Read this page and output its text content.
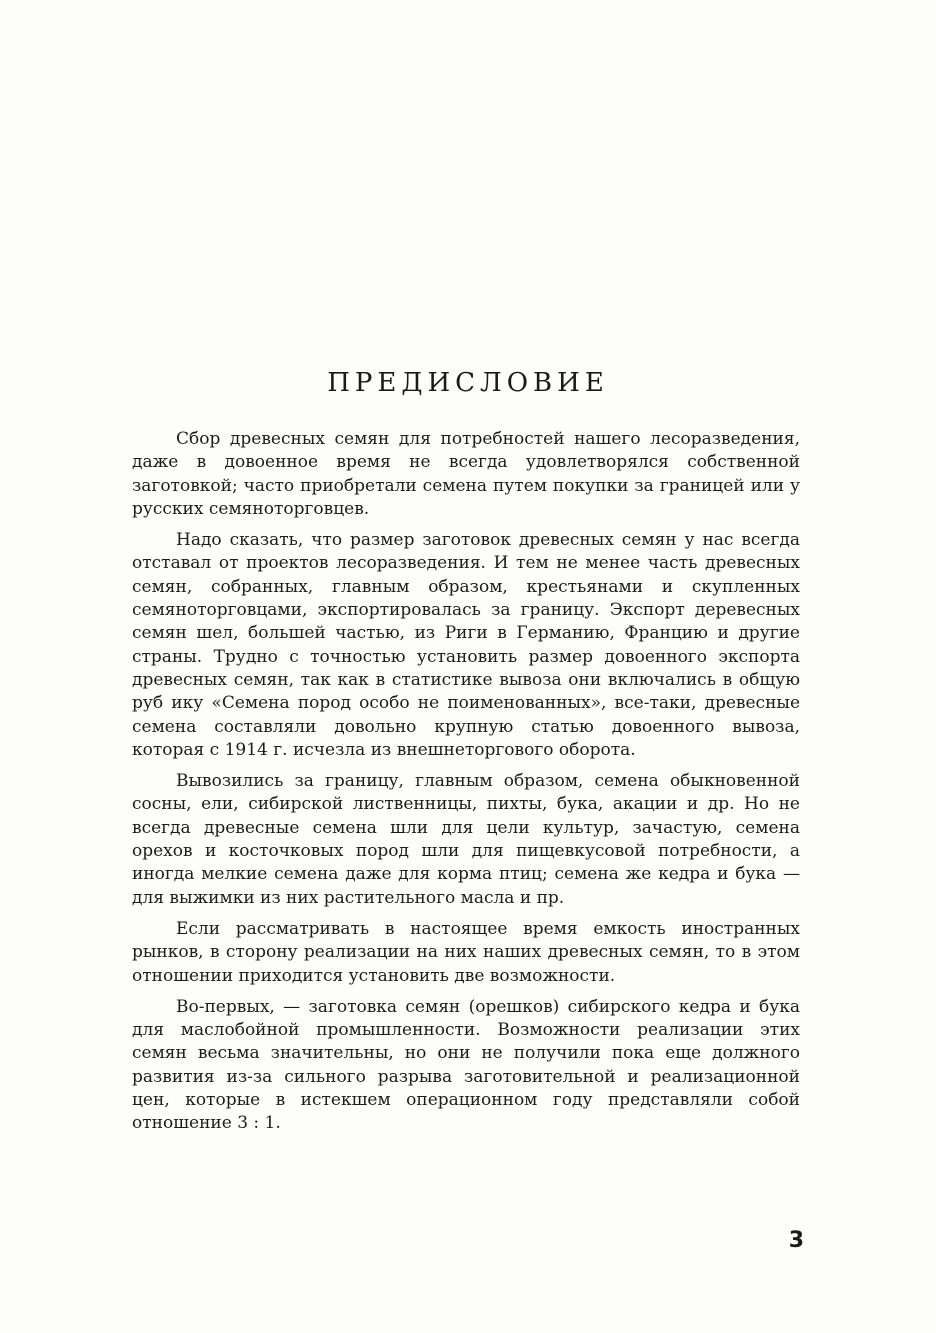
ПРЕДИСЛОВИЕ

Сбор древесных семян для потребностей нашего лесоразведения, даже в довоенное время не всегда удовлетворялся собственной заготовкой; часто приобретали семена путем покупки за границей или у русских семяноторговцев.

Надо сказать, что размер заготовок древесных семян у нас всегда отставал от проектов лесоразведения. И тем не менее часть древесных семян, собранных, главным образом, крестьянами и скупленных семяноторговцами, экспортировалась за границу. Экспорт деревесных семян шел, большей частью, из Риги в Германию, Францию и другие страны. Трудно с точностью установить размер довоенного экспорта древесных семян, так как в статистике вывоза они включались в общую руб ику «Семена пород особо не поименованных», все-таки, древесные семена составляли довольно крупную статью довоенного вывоза, которая с 1914 г. исчезла из внешнеторгового оборота.

Вывозились за границу, главным образом, семена обыкновенной сосны, ели, сибирской лиственницы, пихты, бука, акации и др. Но не всегда древесные семена шли для цели культур, зачастую, семена орехов и косточковых пород шли для пищевкусовой потребности, а иногда мелкие семена даже для корма птиц; семена же кедра и бука — для выжимки из них растительного масла и пр.

Если рассматривать в настоящее время емкость иностранных рынков, в сторону реализации на них наших древесных семян, то в этом отношении приходится установить две возможности.

Во-первых, — заготовка семян (орешков) сибирского кедра и бука для маслобойной промышленности. Возможности реализации этих семян весьма значительны, но они не получили пока еще должного развития из-за сильного разрыва заготовительной и реализационной цен, которые в истекшем операционном году представляли собой отношение 3 : 1.

3
